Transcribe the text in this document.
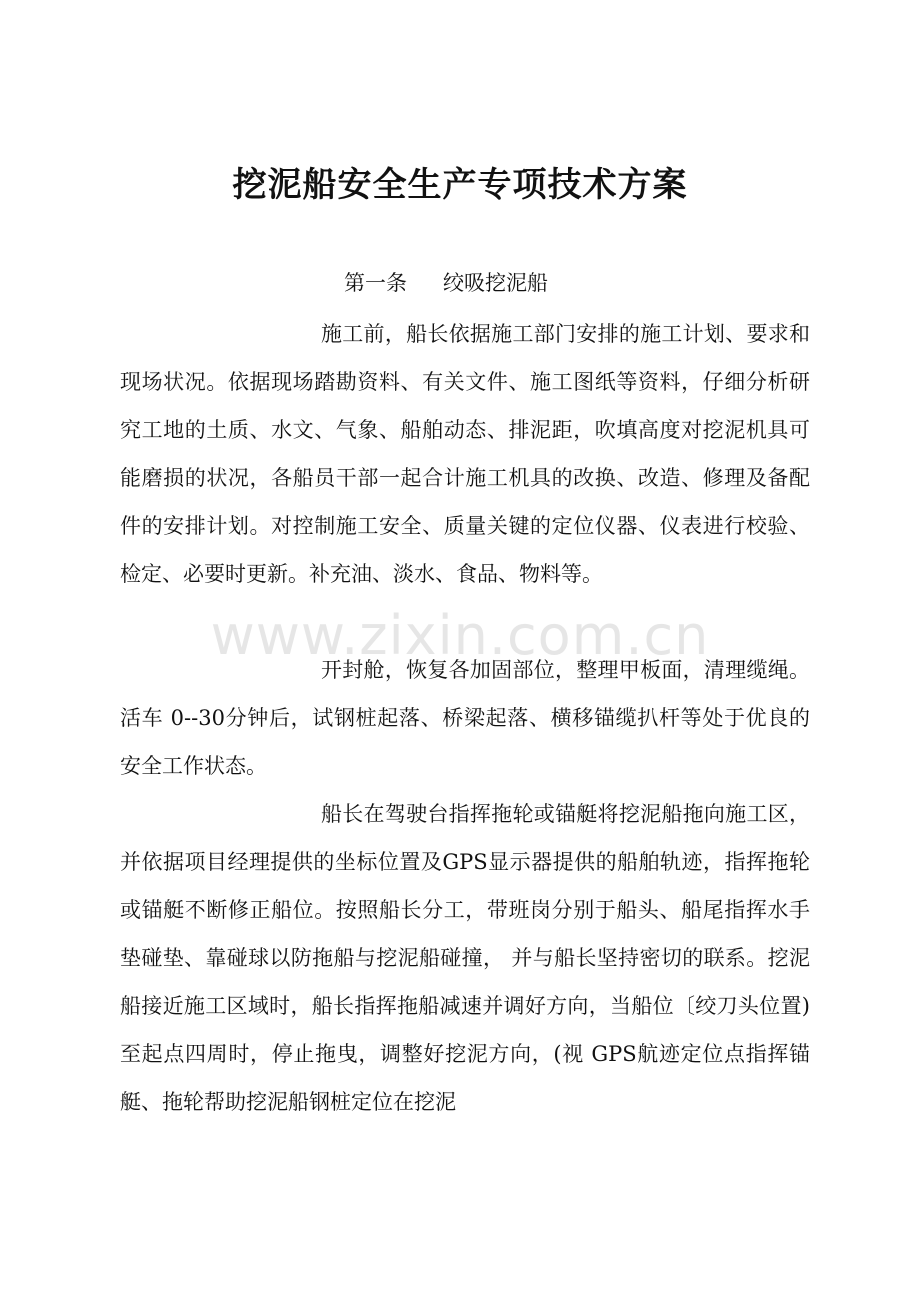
挖泥船安全生产专项技术方案
第一条 绞吸挖泥船

施工前，船长依据施工部门安排的施工计划、要求和现场状况。依据现场踏勘资料、有关文件、施工图纸等资料，仔细分析研究工地的土质、水文、气象、船舶动态、排泥距，吹填高度对挖泥机具可能磨损的状况，各船员干部一起合计施工机具的改换、改造、修理及备配件的安排计划。对控制施工安全、质量关键的定位仪器、仪表进行校验、检定、必要时更新。补充油、淡水、食品、物料等。

www.zixin.com.cn

开封舱，恢复各加固部位，整理甲板面，清理缆绳。 活车 0--30分钟后，试钢桩起落、桥梁起落、横移锚缆扒杆等处于优良的安全工作状态。

船长在驾驶台指挥拖轮或锚艇将挖泥船拖向施工区，并依据项目经理提供的坐标位置及GPS显示器提供的船舶轨迹，指挥拖轮或锚艇不断修正船位。按照船长分工，带班岗分别于船头、船尾指挥水手垫碰垫、靠碰球以防拖船与挖泥船碰撞， 并与船长坚持密切的联系。挖泥船接近施工区域时，船长指挥拖船减速并调好方向，当船位〔绞刀头位置)至起点四周时，停止拖曳，调整好挖泥方向，(视 GPS航迹定位点指挥锚艇、拖轮帮助挖泥船钢桩定位在挖泥
